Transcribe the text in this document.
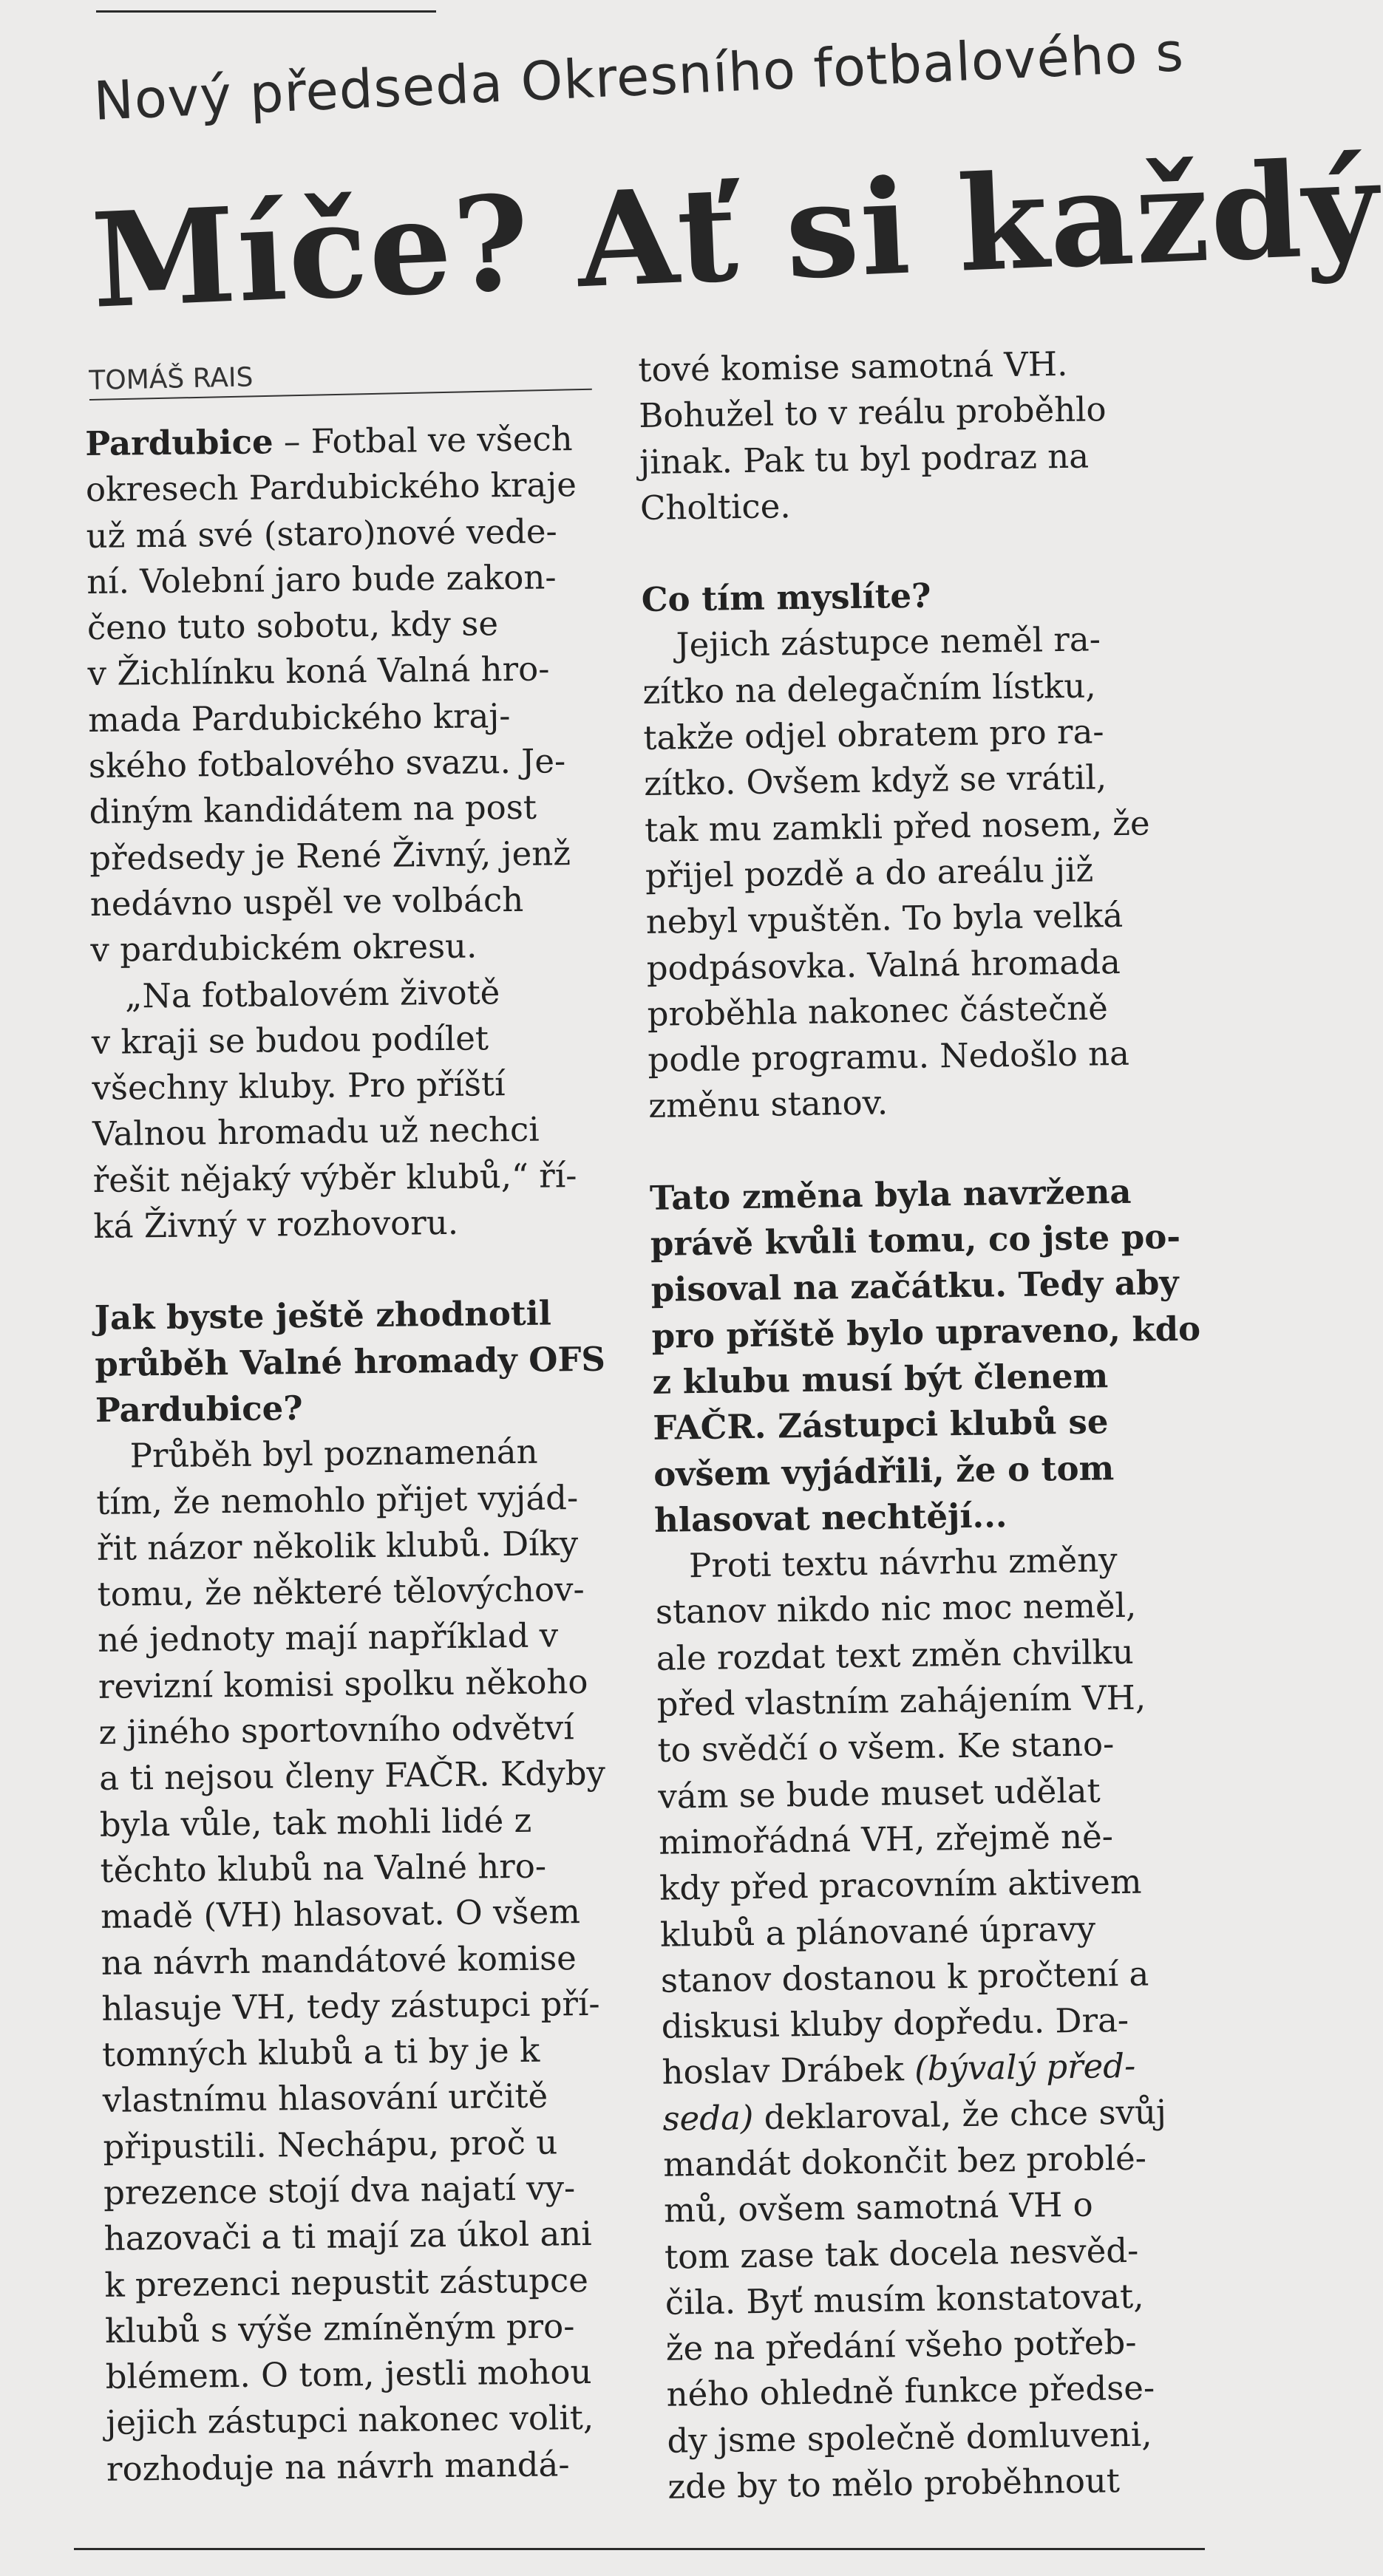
Nový předseda Okresního fotbalového s
Míče? Ať si každý
TOMÁŠ RAIS

Pardubice – Fotbal ve všech

okresech Pardubického kraje

už má své (staro)nové vede-

ní. Volební jaro bude zakon-

čeno tuto sobotu, kdy se

v Žichlínku koná Valná hro-

mada Pardubického kraj-

ského fotbalového svazu. Je-

diným kandidátem na post

předsedy je René Živný, jenž

nedávno uspěl ve volbách

v pardubickém okresu.

„Na fotbalovém životě

v kraji se budou podílet

všechny kluby. Pro příští

Valnou hromadu už nechci

řešit nějaký výběr klubů,“ ří-

ká Živný v rozhovoru.

Jak byste ještě zhodnotil

průběh Valné hromady OFS

Pardubice?

Průběh byl poznamenán

tím, že nemohlo přijet vyjád-

řit názor několik klubů. Díky

tomu, že některé tělovýchov-

né jednoty mají například v

revizní komisi spolku někoho

z jiného sportovního odvětví

a ti nejsou členy FAČR. Kdyby

byla vůle, tak mohli lidé z

těchto klubů na Valné hro-

madě (VH) hlasovat. O všem

na návrh mandátové komise

hlasuje VH, tedy zástupci pří-

tomných klubů a ti by je k

vlastnímu hlasování určitě

připustili. Nechápu, proč u

prezence stojí dva najatí vy-

hazovači a ti mají za úkol ani

k prezenci nepustit zástupce

klubů s výše zmíněným pro-

blémem. O tom, jestli mohou

jejich zástupci nakonec volit,

rozhoduje na návrh mandá-

tové komise samotná VH.

Bohužel to v reálu proběhlo

jinak. Pak tu byl podraz na

Choltice.

Co tím myslíte?

Jejich zástupce neměl ra-

zítko na delegačním lístku,

takže odjel obratem pro ra-

zítko. Ovšem když se vrátil,

tak mu zamkli před nosem, že

přijel pozdě a do areálu již

nebyl vpuštěn. To byla velká

podpásovka. Valná hromada

proběhla nakonec částečně

podle programu. Nedošlo na

změnu stanov.

Tato změna byla navržena

právě kvůli tomu, co jste po-

pisoval na začátku. Tedy aby

pro příště bylo upraveno, kdo

z klubu musí být členem

FAČR. Zástupci klubů se

ovšem vyjádřili, že o tom

hlasovat nechtějí...

Proti textu návrhu změny

stanov nikdo nic moc neměl,

ale rozdat text změn chvilku

před vlastním zahájením VH,

to svědčí o všem. Ke stano-

vám se bude muset udělat

mimořádná VH, zřejmě ně-

kdy před pracovním aktivem

klubů a plánované úpravy

stanov dostanou k pročtení a

diskusi kluby dopředu. Dra-

hoslav Drábek (bývalý před-

seda) deklaroval, že chce svůj

mandát dokončit bez problé-

mů, ovšem samotná VH o

tom zase tak docela nesvěd-

čila. Byť musím konstatovat,

že na předání všeho potřeb-

ného ohledně funkce předse-

dy jsme společně domluveni,

zde by to mělo proběhnout
